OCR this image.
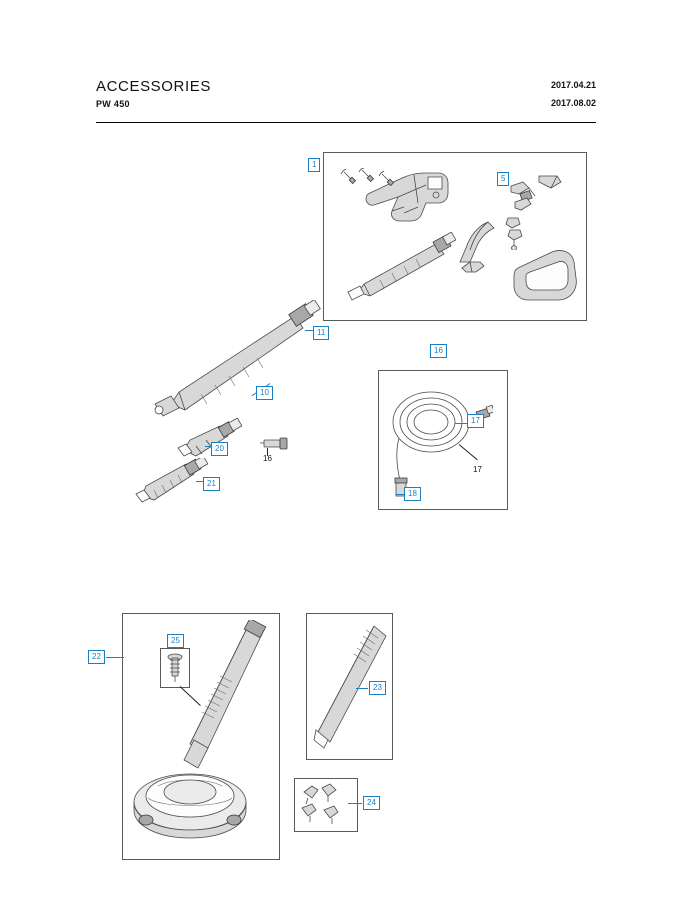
ACCESSORIES
PW 450
2017.04.21
2017.08.02
1
5
11
10
16
17
18
20
21
22
25
23
24
16
17
